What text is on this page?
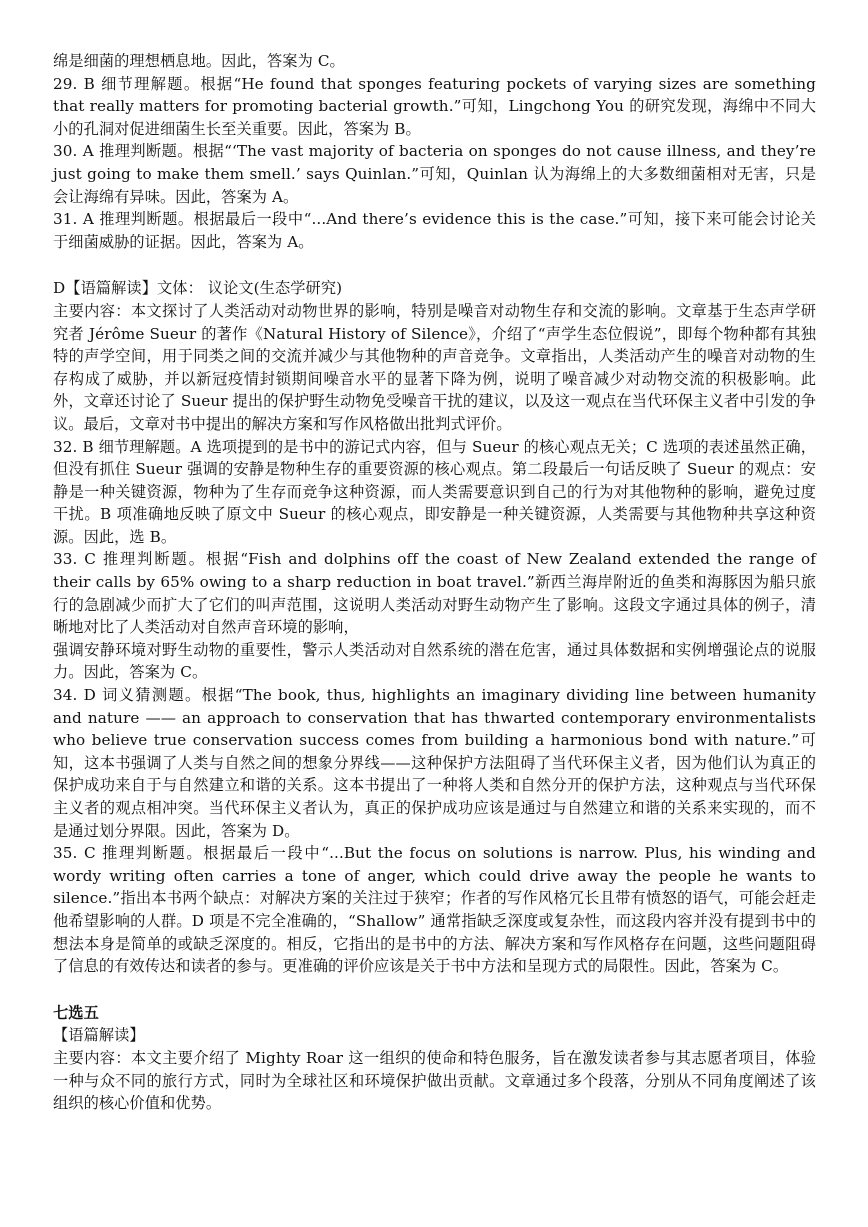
绵是细菌的理想栖息地。因此，答案为 C。

29. B 细节理解题。根据“He found that sponges featuring pockets of varying sizes are something that really matters for promoting bacterial growth.”可知，Lingchong You 的研究发现，海绵中不同大小的孔洞对促进细菌生长至关重要。因此，答案为 B。

30. A 推理判断题。根据“‘The vast majority of bacteria on sponges do not cause illness, and they’re just going to make them smell.’ says Quinlan.”可知，Quinlan 认为海绵上的大多数细菌相对无害，只是会让海绵有异味。因此，答案为 A。

31. A 推理判断题。根据最后一段中“...And there’s evidence this is the case.”可知，接下来可能会讨论关于细菌威胁的证据。因此，答案为 A。

D【语篇解读】文体： 议论文(生态学研究)

主要内容：本文探讨了人类活动对动物世界的影响，特别是噪音对动物生存和交流的影响。文章基于生态声学研究者 Jérôme Sueur 的著作《Natural History of Silence》，介绍了“声学生态位假说”，即每个物种都有其独特的声学空间，用于同类之间的交流并减少与其他物种的声音竞争。文章指出，人类活动产生的噪音对动物的生存构成了威胁，并以新冠疫情封锁期间噪音水平的显著下降为例，说明了噪音减少对动物交流的积极影响。此外，文章还讨论了 Sueur 提出的保护野生动物免受噪音干扰的建议，以及这一观点在当代环保主义者中引发的争议。最后，文章对书中提出的解决方案和写作风格做出批判式评价。

32. B 细节理解题。A 选项提到的是书中的游记式内容，但与 Sueur 的核心观点无关；C 选项的表述虽然正确，但没有抓住 Sueur 强调的安静是物种生存的重要资源的核心观点。第二段最后一句话反映了 Sueur 的观点：安静是一种关键资源，物种为了生存而竞争这种资源，而人类需要意识到自己的行为对其他物种的影响，避免过度干扰。B 项准确地反映了原文中 Sueur 的核心观点，即安静是一种关键资源，人类需要与其他物种共享这种资源。因此，选 B。

33. C 推理判断题。根据“Fish and dolphins off the coast of New Zealand extended the range of their calls by 65% owing to a sharp reduction in boat travel.”新西兰海岸附近的鱼类和海豚因为船只旅行的急剧减少而扩大了它们的叫声范围，这说明人类活动对野生动物产生了影响。这段文字通过具体的例子，清晰地对比了人类活动对自然声音环境的影响，

强调安静环境对野生动物的重要性，警示人类活动对自然系统的潜在危害，通过具体数据和实例增强论点的说服力。因此，答案为 C。

34. D 词义猜测题。根据“The book, thus, highlights an imaginary dividing line between humanity and nature —— an approach to conservation that has thwarted contemporary environmentalists who believe true conservation success comes from building a harmonious bond with nature.”可知，这本书强调了人类与自然之间的想象分界线——这种保护方法阻碍了当代环保主义者，因为他们认为真正的保护成功来自于与自然建立和谐的关系。这本书提出了一种将人类和自然分开的保护方法，这种观点与当代环保主义者的观点相冲突。当代环保主义者认为，真正的保护成功应该是通过与自然建立和谐的关系来实现的，而不是通过划分界限。因此，答案为 D。

35. C 推理判断题。根据最后一段中“...But the focus on solutions is narrow. Plus, his winding and wordy writing often carries a tone of anger, which could drive away the people he wants to silence.”指出本书两个缺点：对解决方案的关注过于狭窄；作者的写作风格冗长且带有愤怒的语气，可能会赶走他希望影响的人群。D 项是不完全准确的，“Shallow” 通常指缺乏深度或复杂性，而这段内容并没有提到书中的想法本身是简单的或缺乏深度的。相反，它指出的是书中的方法、解决方案和写作风格存在问题，这些问题阻碍了信息的有效传达和读者的参与。更准确的评价应该是关于书中方法和呈现方式的局限性。因此，答案为 C。

七选五

【语篇解读】

主要内容：本文主要介绍了 Mighty Roar 这一组织的使命和特色服务，旨在激发读者参与其志愿者项目，体验一种与众不同的旅行方式，同时为全球社区和环境保护做出贡献。文章通过多个段落，分别从不同角度阐述了该组织的核心价值和优势。
